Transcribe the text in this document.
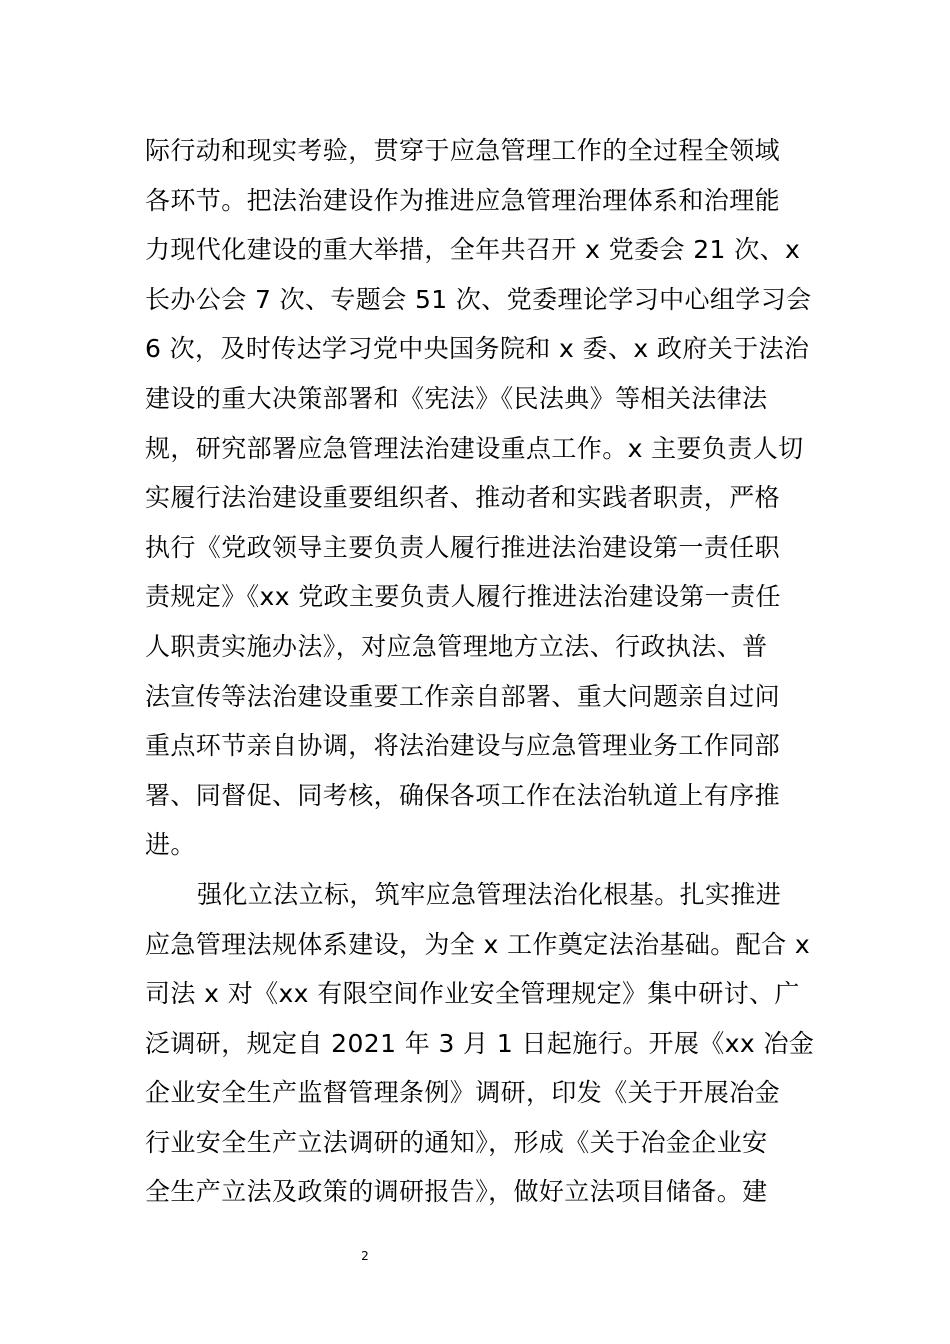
际行动和现实考验，贯穿于应急管理工作的全过程全领域
各环节。把法治建设作为推进应急管理治理体系和治理能
力现代化建设的重大举措，全年共召开 x 党委会 21 次、x
长办公会 7 次、专题会 51 次、党委理论学习中心组学习会
6 次，及时传达学习党中央国务院和 x 委、x 政府关于法治
建设的重大决策部署和《宪法》《民法典》等相关法律法
规，研究部署应急管理法治建设重点工作。x 主要负责人切
实履行法治建设重要组织者、推动者和实践者职责，严格
执行《党政领导主要负责人履行推进法治建设第一责任职
责规定》《xx 党政主要负责人履行推进法治建设第一责任
人职责实施办法》，对应急管理地方立法、行政执法、普
法宣传等法治建设重要工作亲自部署、重大问题亲自过问
重点环节亲自协调，将法治建设与应急管理业务工作同部
署、同督促、同考核，确保各项工作在法治轨道上有序推
进。
强化立法立标，筑牢应急管理法治化根基。扎实推进
应急管理法规体系建设，为全 x 工作奠定法治基础。配合 x
司法 x 对《xx 有限空间作业安全管理规定》集中研讨、广
泛调研，规定自 2021 年 3 月 1 日起施行。开展《xx 冶金
企业安全生产监督管理条例》调研，印发《关于开展冶金
行业安全生产立法调研的通知》，形成《关于冶金企业安
全生产立法及政策的调研报告》，做好立法项目储备。建
2
